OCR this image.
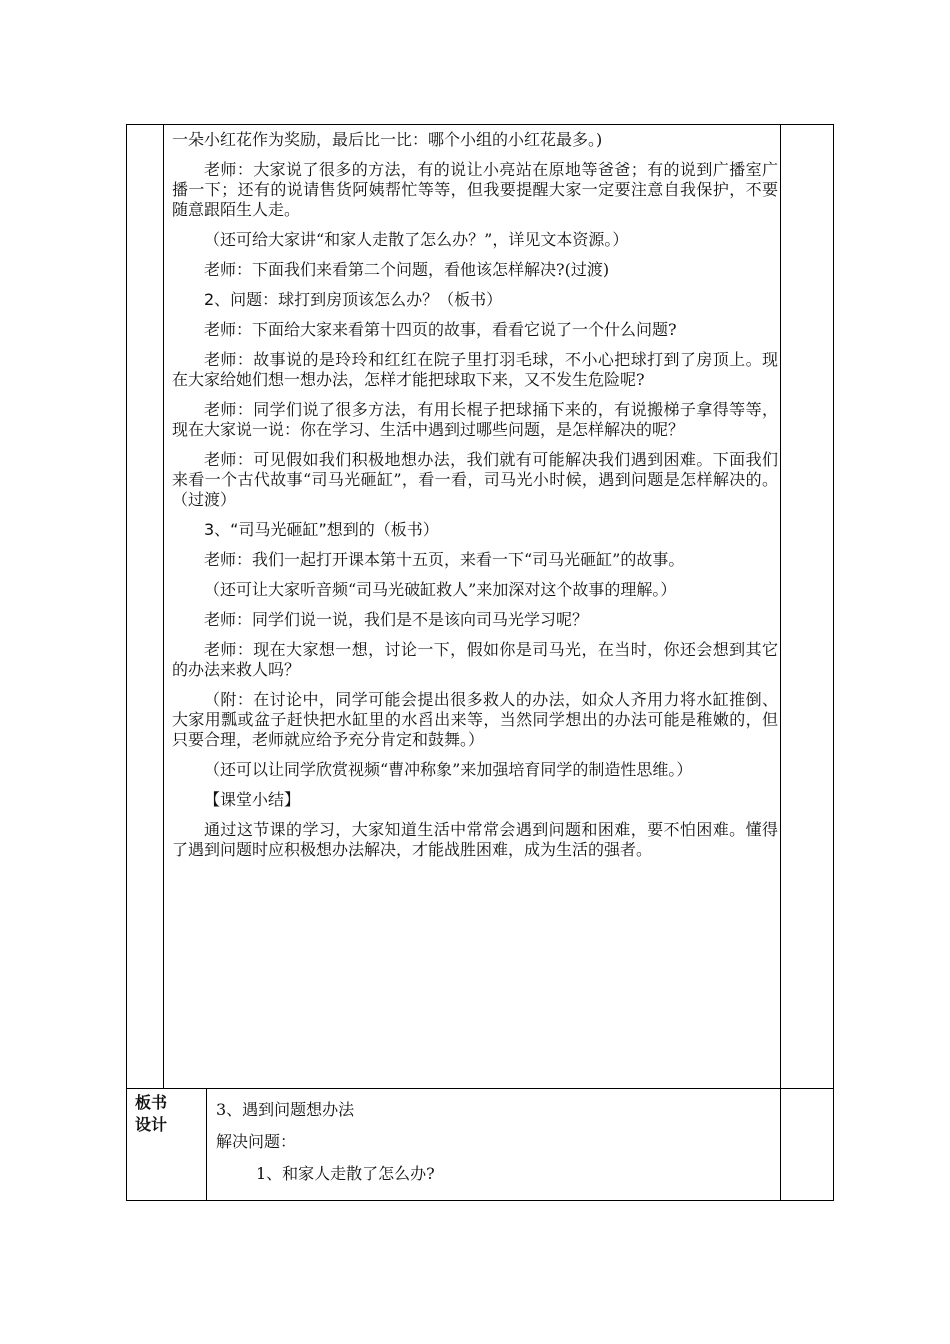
一朵小红花作为奖励，最后比一比：哪个小组的小红花最多。)

老师：大家说了很多的方法，有的说让小亮站在原地等爸爸；有的说到广播室广播一下；还有的说请售货阿姨帮忙等等，但我要提醒大家一定要注意自我保护，不要随意跟陌生人走。

（还可给大家讲“和家人走散了怎么办？”，详见文本资源。）

老师：下面我们来看第二个问题，看他该怎样解决?(过渡)

2、问题：球打到房顶该怎么办？（板书）

老师：下面给大家来看第十四页的故事，看看它说了一个什么问题?

老师：故事说的是玲玲和红红在院子里打羽毛球，不小心把球打到了房顶上。现在大家给她们想一想办法，怎样才能把球取下来，又不发生危险呢?

老师：同学们说了很多方法，有用长棍子把球捅下来的，有说搬梯子拿得等等，现在大家说一说：你在学习、生活中遇到过哪些问题，是怎样解决的呢？

老师：可见假如我们积极地想办法，我们就有可能解决我们遇到困难。下面我们来看一个古代故事“司马光砸缸”，看一看，司马光小时候，遇到问题是怎样解决的。（过渡）

3、“司马光砸缸”想到的（板书）

老师：我们一起打开课本第十五页，来看一下“司马光砸缸”的故事。

（还可让大家听音频“司马光破缸救人”来加深对这个故事的理解。）

老师：同学们说一说，我们是不是该向司马光学习呢？

老师：现在大家想一想，讨论一下，假如你是司马光，在当时，你还会想到其它的办法来救人吗？

（附：在讨论中，同学可能会提出很多救人的办法，如众人齐用力将水缸推倒、大家用瓢或盆子赶快把水缸里的水舀出来等，当然同学想出的办法可能是稚嫩的，但只要合理，老师就应给予充分肯定和鼓舞。）

（还可以让同学欣赏视频“曹冲称象”来加强培育同学的制造性思维。）

【课堂小结】

通过这节课的学习，大家知道生活中常常会遇到问题和困难，要不怕困难。懂得了遇到问题时应积极想办法解决，才能战胜困难，成为生活的强者。

板书
设计
3、遇到问题想办法
解决问题：
1、和家人走散了怎么办?
